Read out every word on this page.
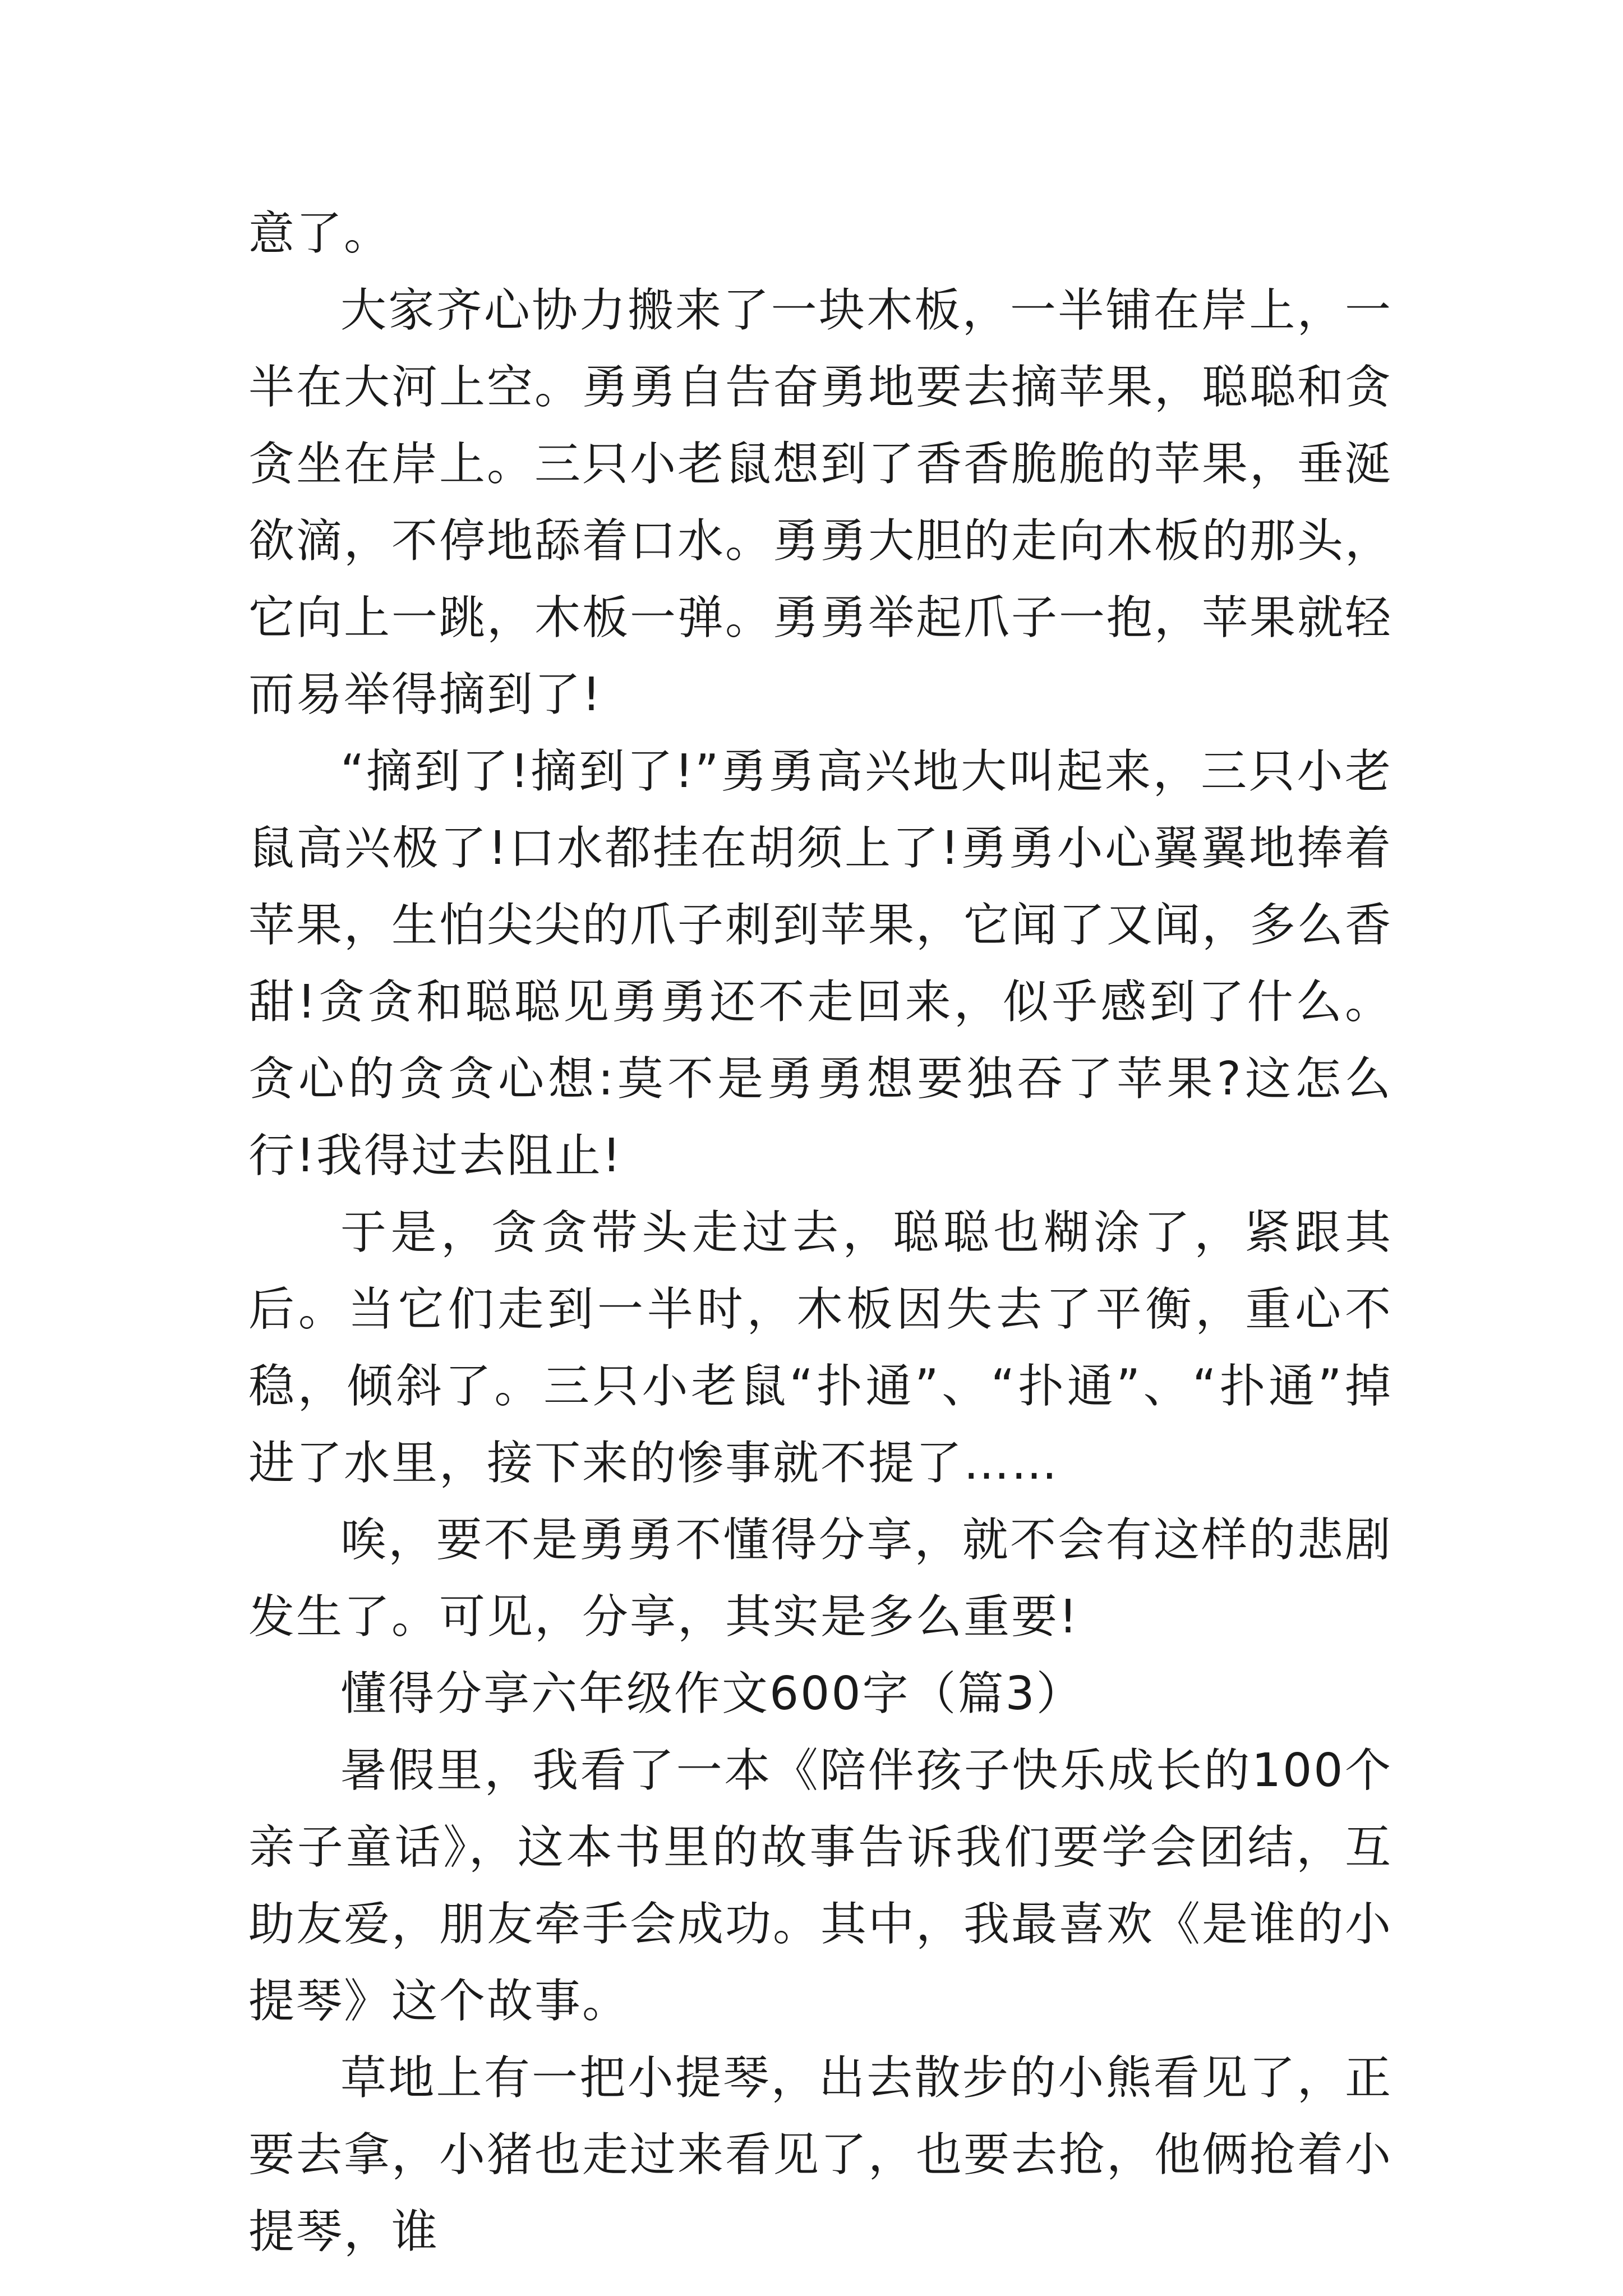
意了。

大家齐心协力搬来了一块木板，一半铺在岸上，一半在大河上空。勇勇自告奋勇地要去摘苹果，聪聪和贪贪坐在岸上。三只小老鼠想到了香香脆脆的苹果，垂涎欲滴，不停地舔着口水。勇勇大胆的走向木板的那头，它向上一跳，木板一弹。勇勇举起爪子一抱，苹果就轻而易举得摘到了!

“摘到了!摘到了!”勇勇高兴地大叫起来，三只小老鼠高兴极了!口水都挂在胡须上了!勇勇小心翼翼地捧着苹果，生怕尖尖的爪子刺到苹果，它闻了又闻，多么香甜!贪贪和聪聪见勇勇还不走回来，似乎感到了什么。贪心的贪贪心想:莫不是勇勇想要独吞了苹果?这怎么行!我得过去阻止!

于是，贪贪带头走过去，聪聪也糊涂了，紧跟其后。当它们走到一半时，木板因失去了平衡，重心不稳，倾斜了。三只小老鼠“扑通”、“扑通”、“扑通”掉进了水里，接下来的惨事就不提了……

唉，要不是勇勇不懂得分享，就不会有这样的悲剧发生了。可见，分享，其实是多么重要!

懂得分享六年级作文600字（篇3）

暑假里，我看了一本《陪伴孩子快乐成长的100个亲子童话》，这本书里的故事告诉我们要学会团结，互助友爱，朋友牵手会成功。其中，我最喜欢《是谁的小提琴》这个故事。

草地上有一把小提琴，出去散步的小熊看见了，正要去拿，小猪也走过来看见了，也要去抢，他俩抢着小提琴，谁
